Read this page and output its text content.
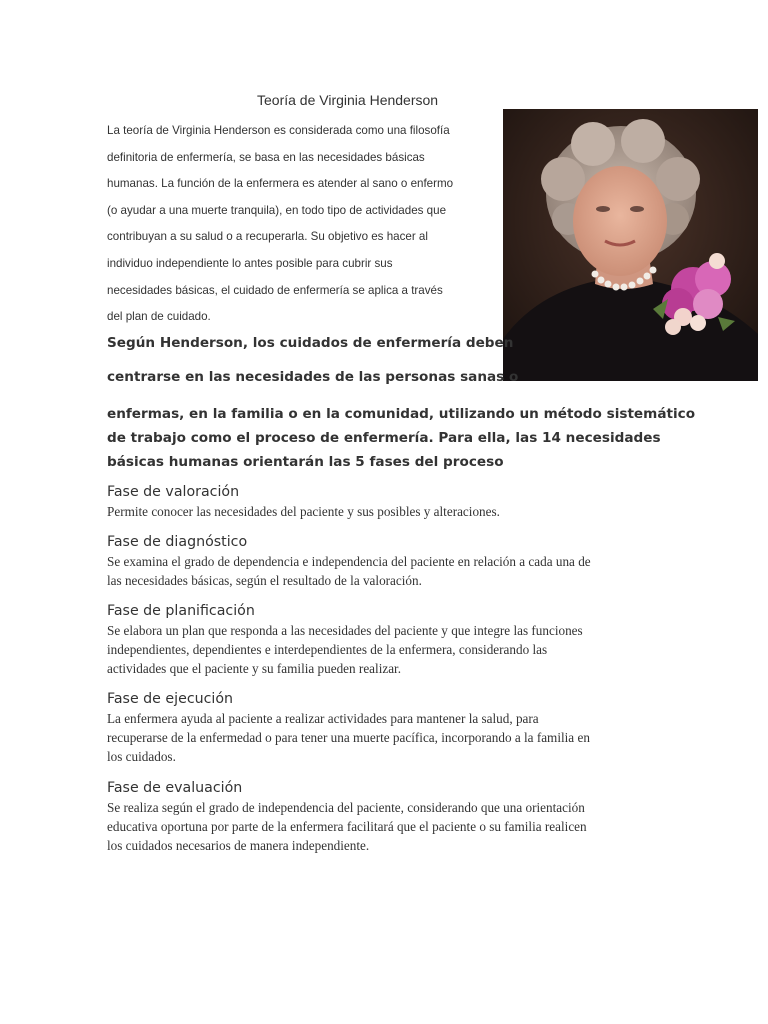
Teoría de Virginia Henderson

La teoría de Virginia Henderson es considerada como una filosofía
definitoria de enfermería, se basa en las necesidades básicas
humanas. La función de la enfermera es atender al sano o enfermo
(o ayudar a una muerte tranquila), en todo tipo de actividades que
contribuyan a su salud o a recuperarla. Su objetivo es hacer al
individuo independiente lo antes posible para cubrir sus
necesidades básicas, el cuidado de enfermería se aplica a través
del plan de cuidado.

Según Henderson, los cuidados de enfermería deben

centrarse en las necesidades de las personas sanas o

enfermas, en la familia o en la comunidad, utilizando un método sistemático
de trabajo como el proceso de enfermería. Para ella, las 14 necesidades
básicas humanas orientarán las 5 fases del proceso

Fase de valoración

Permite conocer las necesidades del paciente y sus posibles y alteraciones.

Fase de diagnóstico

Se examina el grado de dependencia e independencia del paciente en relación a cada una de
las necesidades básicas, según el resultado de la valoración.

Fase de planificación

Se elabora un plan que responda a las necesidades del paciente y que integre las funciones
independientes, dependientes e interdependientes de la enfermera, considerando las
actividades que el paciente y su familia pueden realizar.

Fase de ejecución

La enfermera ayuda al paciente a realizar actividades para mantener la salud, para
recuperarse de la enfermedad o para tener una muerte pacífica, incorporando a la familia en
los cuidados.

Fase de evaluación

Se realiza según el grado de independencia del paciente, considerando que una orientación
educativa oportuna por parte de la enfermera facilitará que el paciente o su familia realicen
los cuidados necesarios de manera independiente.
